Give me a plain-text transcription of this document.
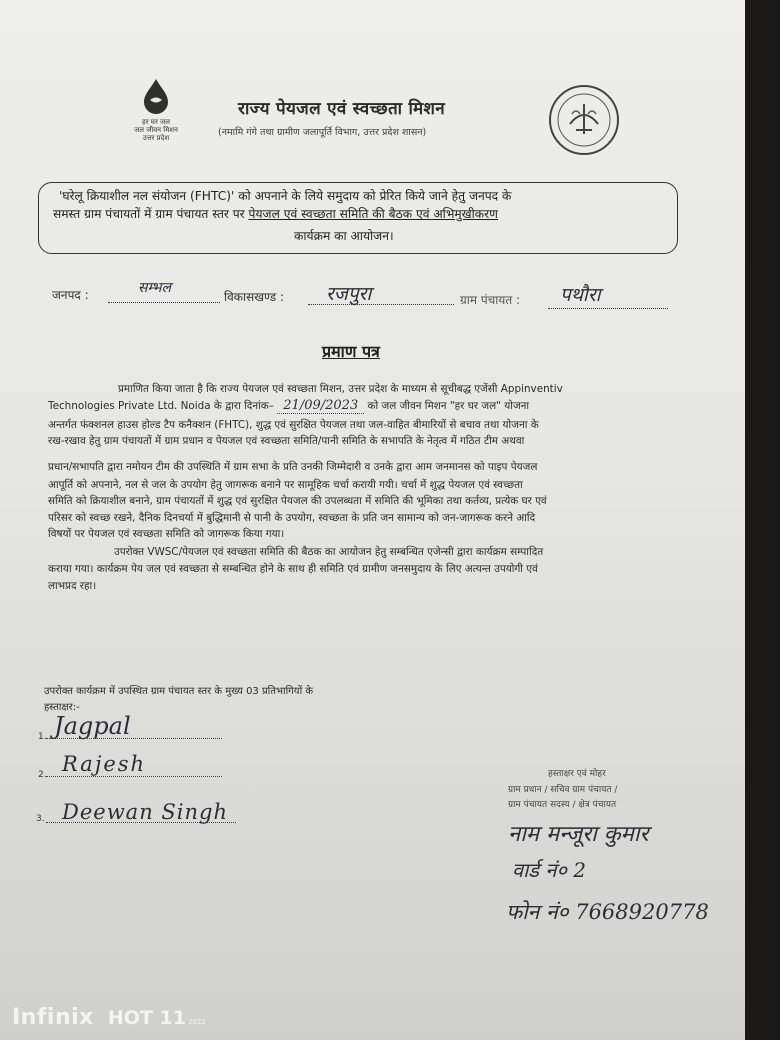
हर घर जल
जल जीवन मिशन
उत्तर प्रदेश
राज्य पेयजल एवं स्वच्छता मिशन
(नमामि गंगे तथा ग्रामीण जलापूर्ति विभाग, उत्तर प्रदेश शासन)
'घरेलू क्रियाशील नल संयोजन (FHTC)' को अपनाने के लिये समुदाय को प्रेरित किये जाने हेतु जनपद के
समस्त ग्राम पंचायतों में ग्राम पंचायत स्तर पर पेयजल एवं स्वच्छता समिति की बैठक एवं अभिमुखीकरण
कार्यक्रम का आयोजन।
जनपद :	सम्भल
विकासखण्ड : रजपुरा	ग्राम पंचायत : पथौरा
प्रमाण पत्र
प्रमाणित किया जाता है कि राज्य पेयजल एवं स्वच्छता मिशन, उत्तर प्रदेश के माध्यम से सूचीबद्ध एजेंसी Appinventiv
Technologies Private Ltd. Noida के द्वारा दिनांक– 21/09/2023 को जल जीवन मिशन "हर घर जल" योजना
अन्तर्गत फंक्शनल हाउस होल्ड टैप कनैक्शन (FHTC), शुद्ध एवं सुरक्षित पेयजल तथा जल-वाहित बीमारियों से बचाव तथा योजना के
रख-रखाव हेतु ग्राम पंचायतों में ग्राम प्रधान व पेयजल एवं स्वच्छता समिति/पानी समिति के सभापति के नेतृत्व में गठित टीम अथवा
प्रधान/सभापति द्वारा नमोयन टीम की उपस्थिति में ग्राम सभा के प्रति उनकी जिम्मेदारी व उनके द्वारा आम जनमानस को पाइप पेयजल
आपूर्ति को अपनाने, नल से जल के उपयोग हेतु जागरूक बनाने पर सामूहिक चर्चा करायी गयी। चर्चा में शुद्ध पेयजल एवं स्वच्छता
समिति को क्रियाशील बनाने, ग्राम पंचायतों में शुद्ध एवं सुरक्षित पेयजल की उपलब्धता में समिति की भूमिका तथा कर्तव्य, प्रत्येक घर एवं
परिसर को स्वच्छ रखने, दैनिक दिनचर्या में बुद्धिमानी से पानी के उपयोग, स्वच्छता के प्रति जन सामान्य को जन-जागरूक करने आदि
विषयों पर पेयजल एवं स्वच्छता समिति को जागरूक किया गया।
उपरोक्त VWSC/पेयजल एवं स्वच्छता समिति की बैठक का आयोजन हेतु सम्बन्धित एजेन्सी द्वारा कार्यक्रम सम्पादित
कराया गया। कार्यक्रम पेय जल एवं स्वच्छता से सम्बन्धित होने के साथ ही समिति एवं ग्रामीण जनसमुदाय के लिए अत्यन्त उपयोगी एवं
लाभप्रद रहा।
उपरोक्त कार्यक्रम में उपस्थित ग्राम पंचायत स्तर के मुख्य 03 प्रतिभागियों के
हस्ताक्षर:-
1. Jagpal
2. Rajesh
3. Deewan Singh
हस्ताक्षर एवं मोहर
ग्राम प्रधान / सचिव ग्राम पंचायत /
ग्राम पंचायत सदस्य / क्षेत्र पंचायत
नाम मन्जूरा कुमार
वार्ड नं० 2
फोन नं० 7668920778
Infinix HOT 11 2022
